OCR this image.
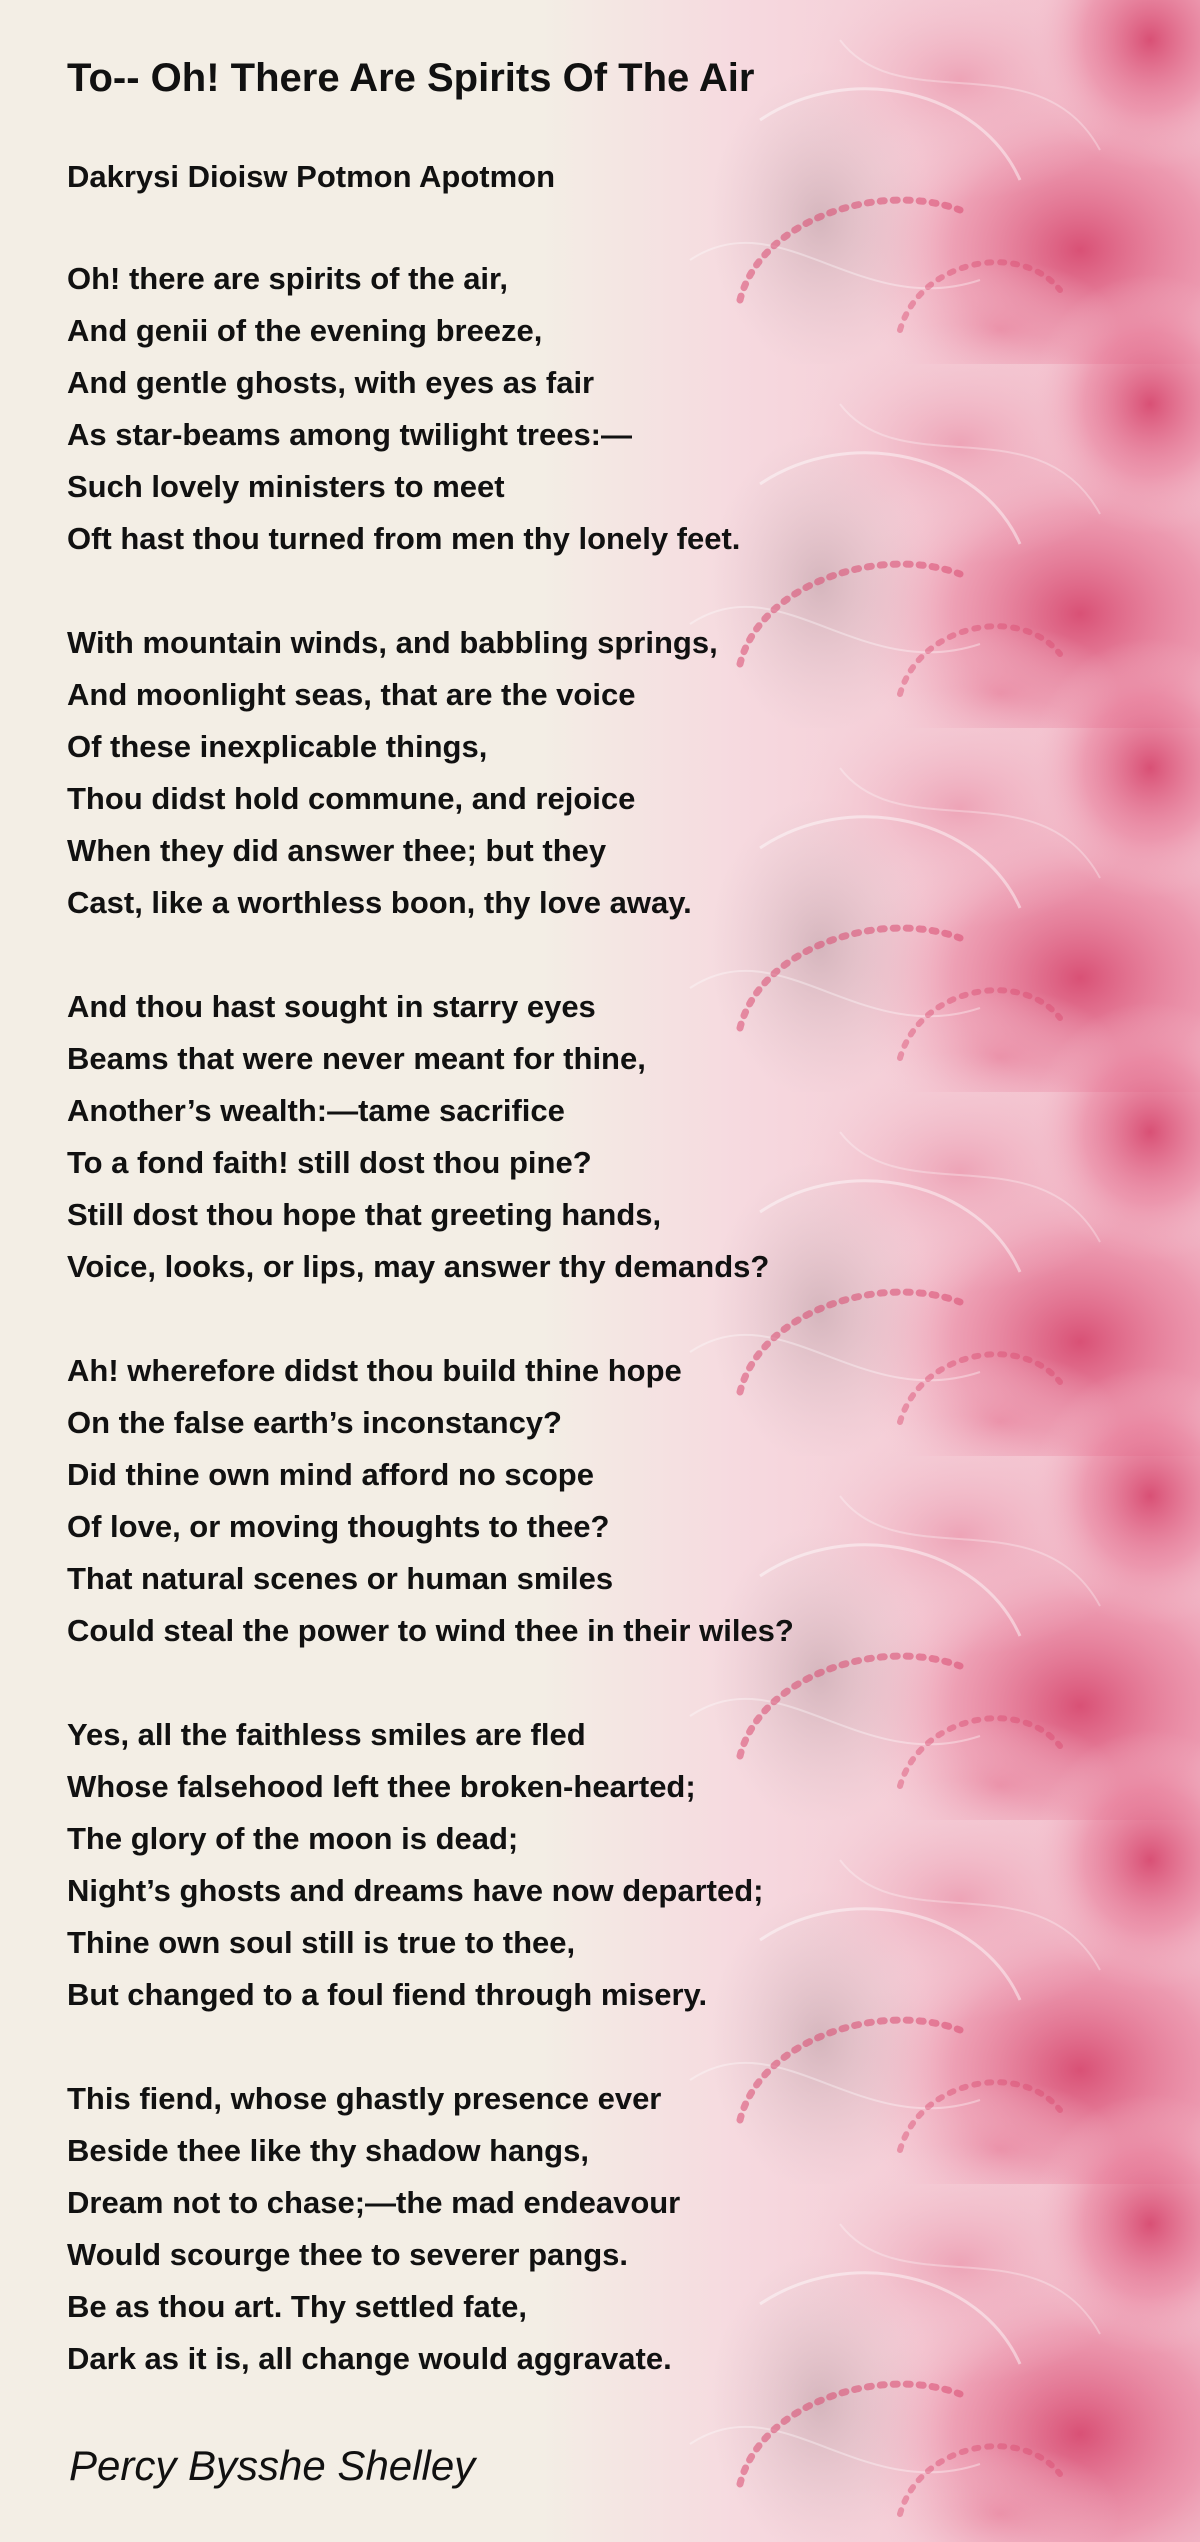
To-- Oh! There Are Spirits Of The Air
Dakrysi Dioisw Potmon Apotmon
Oh! there are spirits of the air,
And genii of the evening breeze,
And gentle ghosts, with eyes as fair
As star-beams among twilight trees:—
Such lovely ministers to meet
Oft hast thou turned from men thy lonely feet.
With mountain winds, and babbling springs,
And moonlight seas, that are the voice
Of these inexplicable things,
Thou didst hold commune, and rejoice
When they did answer thee; but they
Cast, like a worthless boon, thy love away.
And thou hast sought in starry eyes
Beams that were never meant for thine,
Another’s wealth:—tame sacrifice
To a fond faith! still dost thou pine?
Still dost thou hope that greeting hands,
Voice, looks, or lips, may answer thy demands?
Ah! wherefore didst thou build thine hope
On the false earth’s inconstancy?
Did thine own mind afford no scope
Of love, or moving thoughts to thee?
That natural scenes or human smiles
Could steal the power to wind thee in their wiles?
Yes, all the faithless smiles are fled
Whose falsehood left thee broken-hearted;
The glory of the moon is dead;
Night’s ghosts and dreams have now departed;
Thine own soul still is true to thee,
But changed to a foul fiend through misery.
This fiend, whose ghastly presence ever
Beside thee like thy shadow hangs,
Dream not to chase;—the mad endeavour
Would scourge thee to severer pangs.
Be as thou art. Thy settled fate,
Dark as it is, all change would aggravate.
Percy Bysshe Shelley
